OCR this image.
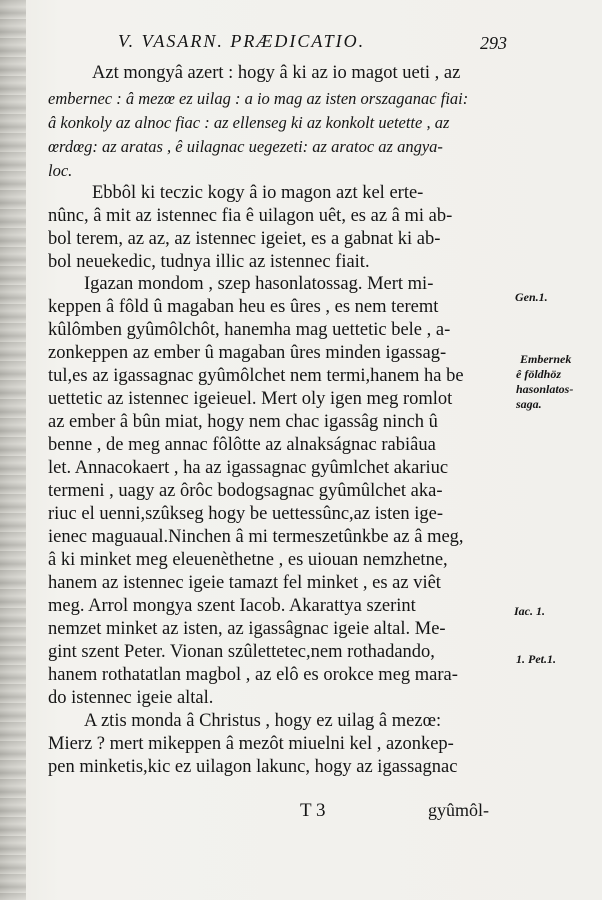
V. VASARN. PRÆDICATIO.	293
Azt mongyâ azert : hogy â ki az io magot ueti , az
embernec : â mezœ ez uilag : a io mag az isten orszaganac fiai:
â konkoly az alnoc fiac : az ellenseg ki az konkolt uetette , az
œrdœg: az aratas , ê uilagnac uegezeti: az aratoc az angya-
loc.
Ebbôl ki teczic kogy â io magon azt kel erte-
nûnc, â mit az istennec fia ê uilagon uêt, es az â mi ab-
bol terem, az az, az istennec igeiet, es a gabnat ki ab-
bol neuekedic, tudnya illic az istennec fiait.
Igazan mondom , szep hasonlatossag. Mert mi-
keppen â fôld û magaban heu es ûres , es nem teremt
kûlômben gyûmôlchôt, hanemha mag uettetic bele , a-
zonkeppen az ember û magaban ûres minden igassag-
tul,es az igassagnac gyûmôlchet nem termi,hanem ha be
uettetic az istennec igeieuel. Mert oly igen meg romlot
az ember â bûn miat, hogy nem chac igassâg ninch û
benne , de meg annac fôlôtte az alnakságnac rabiâua
let. Annacokaert , ha az igassagnac gyûmlchet akariuc
termeni , uagy az ôrôc bodogsagnac gyûmûlchet aka-
riuc el uenni,szûkseg hogy be uettessûnc,az isten ige-
ienec maguaual.Ninchen â mi termeszetûnkbe az â meg,
â ki minket meg eleuenèthetne , es uiouan nemzhetne,
hanem az istennec igeie tamazt fel minket , es az viêt
meg. Arrol mongya szent Iacob. Akarattya szerint
nemzet minket az isten, az igassâgnac igeie altal. Me-
gint szent Peter. Vionan szûlettetec,nem rothadando,
hanem rothatatlan magbol , az elô es orokce meg mara-
do istennec igeie altal.
A ztis monda â Christus , hogy ez uilag â mezœ:
Mierz ? mert mikeppen â mezôt miuelni kel , azonkep-
pen minketis,kic ez uilagon lakunc, hogy az igassagnac
Gen.1.
Embernek
ê földhöz
hasonlatos-
saga.
Iac. 1.
1. Pet.1.
T 3	gyûmôl-
